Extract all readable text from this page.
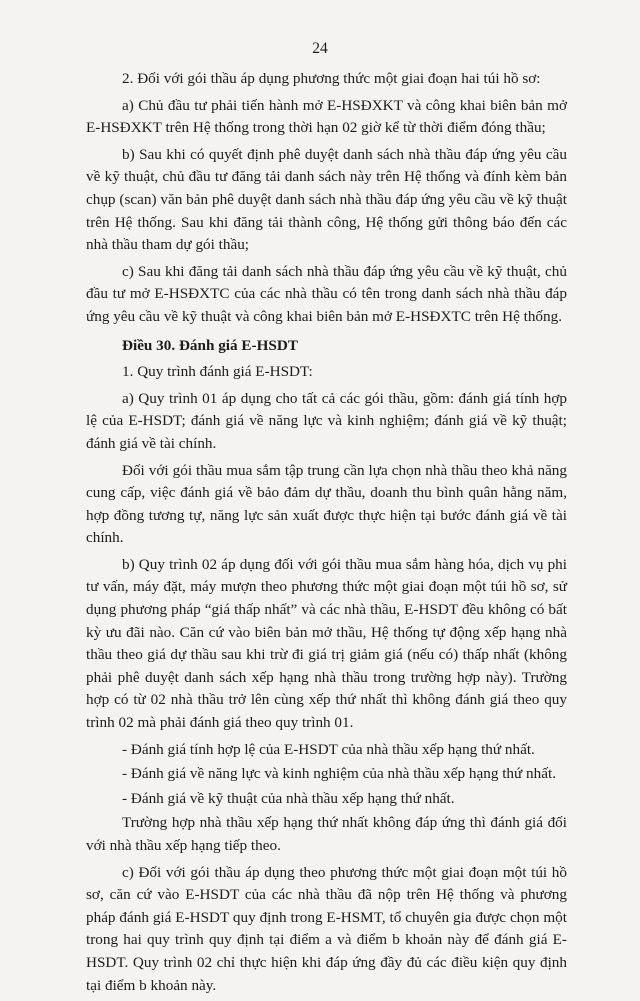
24

2. Đối với gói thầu áp dụng phương thức một giai đoạn hai túi hồ sơ:

a) Chủ đầu tư phải tiến hành mở E-HSĐXKT và công khai biên bản mở E-HSĐXKT trên Hệ thống trong thời hạn 02 giờ kể từ thời điểm đóng thầu;

b) Sau khi có quyết định phê duyệt danh sách nhà thầu đáp ứng yêu cầu về kỹ thuật, chủ đầu tư đăng tải danh sách này trên Hệ thống và đính kèm bản chụp (scan) văn bản phê duyệt danh sách nhà thầu đáp ứng yêu cầu về kỹ thuật trên Hệ thống. Sau khi đăng tải thành công, Hệ thống gửi thông báo đến các nhà thầu tham dự gói thầu;

c) Sau khi đăng tải danh sách nhà thầu đáp ứng yêu cầu về kỹ thuật, chủ đầu tư mở E-HSĐXTC của các nhà thầu có tên trong danh sách nhà thầu đáp ứng yêu cầu về kỹ thuật và công khai biên bản mở E-HSĐXTC trên Hệ thống.

Điều 30. Đánh giá E-HSDT

1. Quy trình đánh giá E-HSDT:

a) Quy trình 01 áp dụng cho tất cả các gói thầu, gồm: đánh giá tính hợp lệ của E-HSDT; đánh giá về năng lực và kinh nghiệm; đánh giá về kỹ thuật; đánh giá về tài chính.

Đối với gói thầu mua sắm tập trung cần lựa chọn nhà thầu theo khả năng cung cấp, việc đánh giá về bảo đảm dự thầu, doanh thu bình quân hằng năm, hợp đồng tương tự, năng lực sản xuất được thực hiện tại bước đánh giá về tài chính.

b) Quy trình 02 áp dụng đối với gói thầu mua sắm hàng hóa, dịch vụ phi tư vấn, máy đặt, máy mượn theo phương thức một giai đoạn một túi hồ sơ, sử dụng phương pháp “giá thấp nhất” và các nhà thầu, E-HSDT đều không có bất kỳ ưu đãi nào. Căn cứ vào biên bản mở thầu, Hệ thống tự động xếp hạng nhà thầu theo giá dự thầu sau khi trừ đi giá trị giảm giá (nếu có) thấp nhất (không phải phê duyệt danh sách xếp hạng nhà thầu trong trường hợp này). Trường hợp có từ 02 nhà thầu trở lên cùng xếp thứ nhất thì không đánh giá theo quy trình 02 mà phải đánh giá theo quy trình 01.

- Đánh giá tính hợp lệ của E-HSDT của nhà thầu xếp hạng thứ nhất.

- Đánh giá về năng lực và kinh nghiệm của nhà thầu xếp hạng thứ nhất.

- Đánh giá về kỹ thuật của nhà thầu xếp hạng thứ nhất.

Trường hợp nhà thầu xếp hạng thứ nhất không đáp ứng thì đánh giá đối với nhà thầu xếp hạng tiếp theo.

c) Đối với gói thầu áp dụng theo phương thức một giai đoạn một túi hồ sơ, căn cứ vào E-HSDT của các nhà thầu đã nộp trên Hệ thống và phương pháp đánh giá E-HSDT quy định trong E-HSMT, tổ chuyên gia được chọn một trong hai quy trình quy định tại điểm a và điểm b khoản này để đánh giá E-HSDT. Quy trình 02 chỉ thực hiện khi đáp ứng đầy đủ các điều kiện quy định tại điểm b khoản này.
